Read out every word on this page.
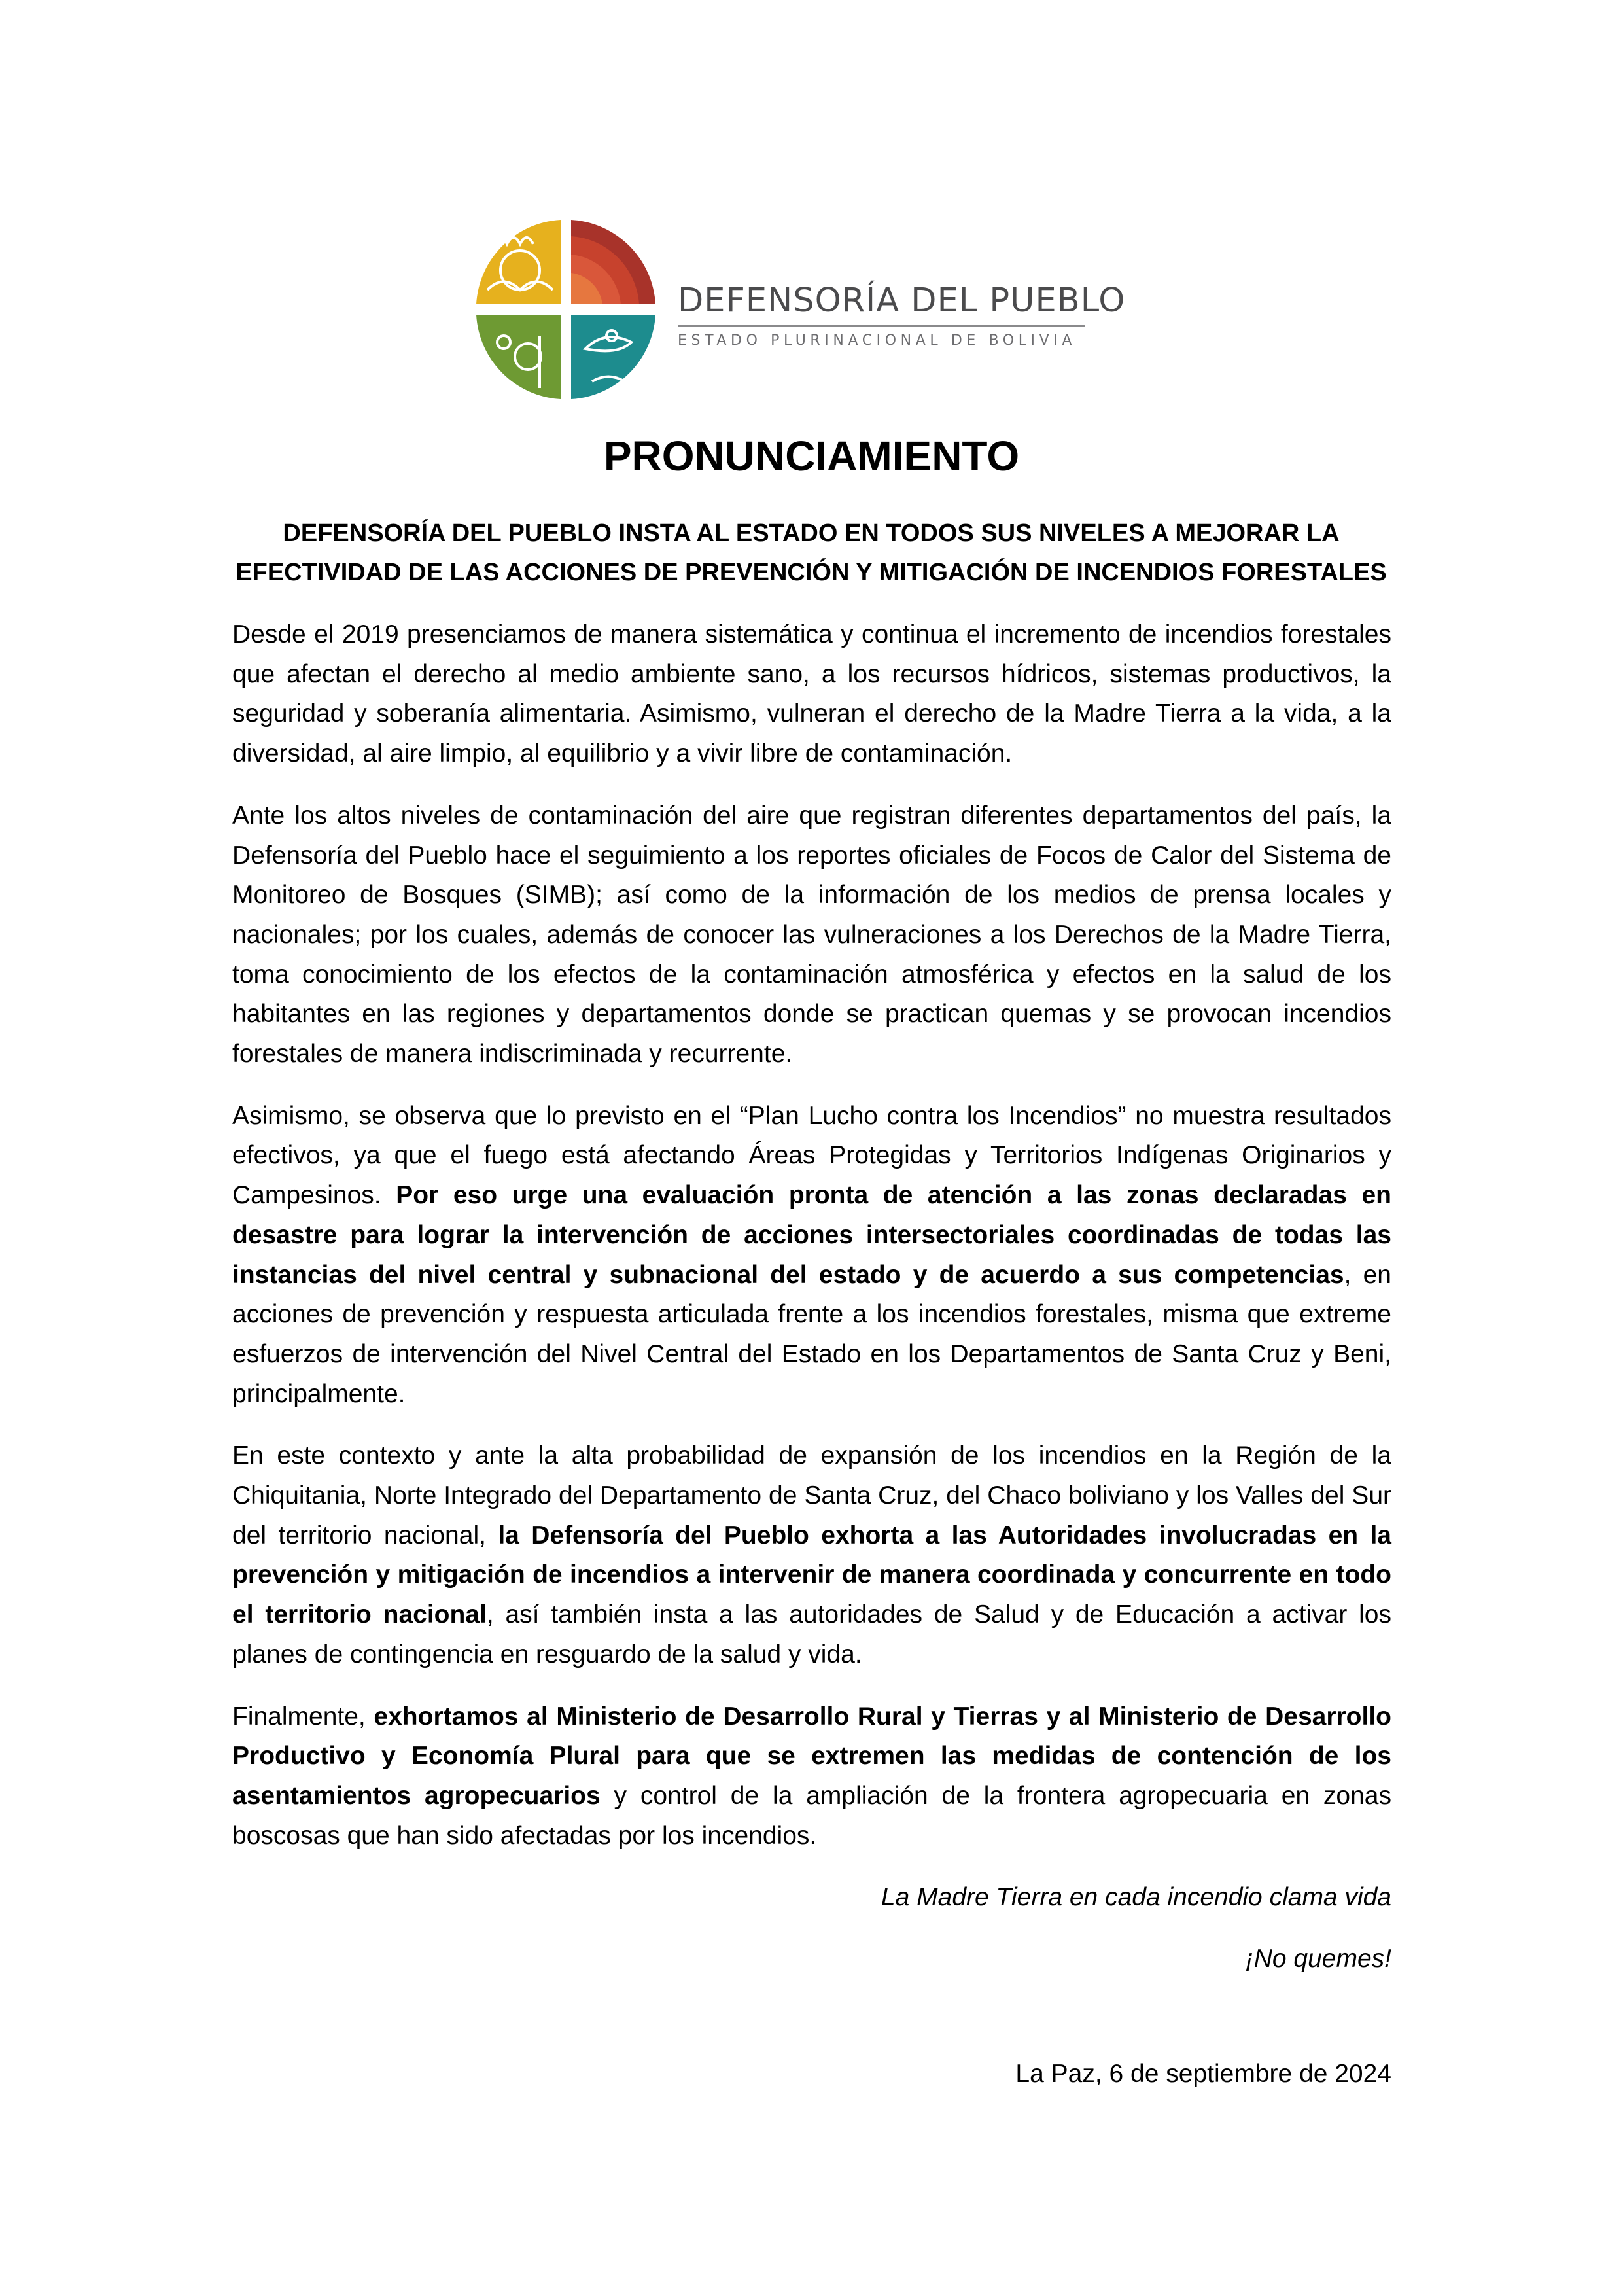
DEFENSORÍA DEL PUEBLO
ESTADO PLURINACIONAL DE BOLIVIA
PRONUNCIAMIENTO
DEFENSORÍA DEL PUEBLO INSTA AL ESTADO EN TODOS SUS NIVELES A MEJORAR LA
EFECTIVIDAD DE LAS ACCIONES DE PREVENCIÓN Y MITIGACIÓN DE INCENDIOS FORESTALES

Desde el 2019 presenciamos de manera sistemática y continua el incremento de incendios forestales que afectan el derecho al medio ambiente sano, a los recursos hídricos, sistemas productivos, la seguridad y soberanía alimentaria. Asimismo, vulneran el derecho de la Madre Tierra a la vida, a la diversidad, al aire limpio, al equilibrio y a vivir libre de contaminación.

Ante los altos niveles de contaminación del aire que registran diferentes departamentos del país, la Defensoría del Pueblo hace el seguimiento a los reportes oficiales de Focos de Calor del Sistema de Monitoreo de Bosques (SIMB); así como de la información de los medios de prensa locales y nacionales; por los cuales, además de conocer las vulneraciones a los Derechos de la Madre Tierra, toma conocimiento de los efectos de la contaminación atmosférica y efectos en la salud de los habitantes en las regiones y departamentos donde se practican quemas y se provocan incendios forestales de manera indiscriminada y recurrente.

Asimismo, se observa que lo previsto en el “Plan Lucho contra los Incendios” no muestra resultados efectivos, ya que el fuego está afectando Áreas Protegidas y Territorios Indígenas Originarios y Campesinos. Por eso urge una evaluación pronta de atención a las zonas declaradas en desastre para lograr la intervención de acciones intersectoriales coordinadas de todas las instancias del nivel central y subnacional del estado y de acuerdo a sus competencias, en acciones de prevención y respuesta articulada frente a los incendios forestales, misma que extreme esfuerzos de intervención del Nivel Central del Estado en los Departamentos de Santa Cruz y Beni, principalmente.

En este contexto y ante la alta probabilidad de expansión de los incendios en la Región de la Chiquitania, Norte Integrado del Departamento de Santa Cruz, del Chaco boliviano y los Valles del Sur del territorio nacional, la Defensoría del Pueblo exhorta a las Autoridades involucradas en la prevención y mitigación de incendios a intervenir de manera coordinada y concurrente en todo el territorio nacional, así también insta a las autoridades de Salud y de Educación a activar los planes de contingencia en resguardo de la salud y vida.

Finalmente, exhortamos al Ministerio de Desarrollo Rural y Tierras y al Ministerio de Desarrollo Productivo y Economía Plural para que se extremen las medidas de contención de los asentamientos agropecuarios y control de la ampliación de la frontera agropecuaria en zonas boscosas que han sido afectadas por los incendios.

La Madre Tierra en cada incendio clama vida

¡No quemes!

La Paz, 6 de septiembre de 2024
